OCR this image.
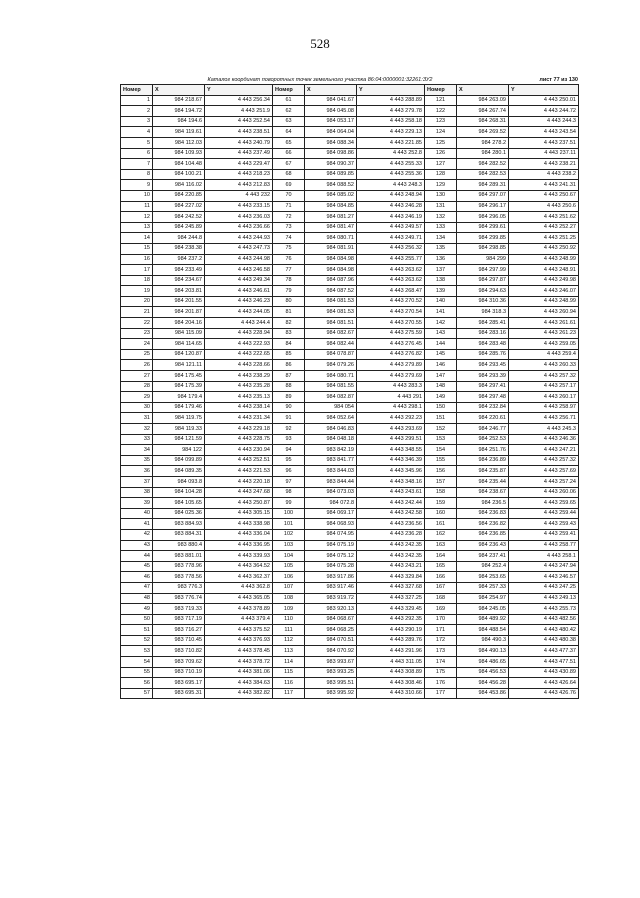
528
Каталог координат поворотных точек земельного участка 86:04:0000001:32261:ЗУ2	лист 77 из 130
Номер	X	Y	Номер	X	Y	Номер	X	Y
1	984 218.67	4 443 256.34	61	984 041.67	4 443 288.89	121	984 263.09	4 443 250.01
2	984 194.72	4 443 251.9	62	984 045.08	4 443 279.78	122	984 267.74	4 443 244.72
3	984 194.6	4 443 252.54	63	984 053.17	4 443 258.18	123	984 268.31	4 443 244.3
4	984 119.61	4 443 238.51	64	984 064.04	4 443 229.13	124	984 269.52	4 443 243.54
5	984 112.03	4 443 240.79	65	984 088.34	4 443 221.85	125	984 278.2	4 443 237.51
6	984 109.93	4 443 237.49	66	984 098.86	4 443 252.8	126	984 280.1	4 443 237.11
7	984 104.48	4 443 229.47	67	984 090.37	4 443 255.33	127	984 282.52	4 443 238.21
8	984 100.21	4 443 218.23	68	984 089.85	4 443 255.36	128	984 282.53	4 443 238.2
9	984 116.02	4 443 212.83	69	984 088.52	4 443 248.3	129	984 289.31	4 443 241.31
10	984 220.85	4 443 232	70	984 085.02	4 443 248.94	130	984 297.07	4 443 250.67
11	984 227.02	4 443 233.15	71	984 084.85	4 443 246.28	131	984 296.17	4 443 250.6
12	984 242.52	4 443 236.03	72	984 081.27	4 443 246.19	132	984 296.05	4 443 251.62
13	984 245.89	4 443 236.66	73	984 081.47	4 443 249.57	133	984 299.61	4 443 252.27
14	984 244.8	4 443 244.93	74	984 080.71	4 443 249.71	134	984 299.85	4 443 251.25
15	984 238.38	4 443 247.73	75	984 081.91	4 443 256.32	135	984 298.85	4 443 250.92
16	984 237.2	4 443 244.98	76	984 084.98	4 443 255.77	136	984 299	4 443 248.99
17	984 233.49	4 443 246.58	77	984 084.98	4 443 263.62	137	984 297.99	4 443 248.91
18	984 234.67	4 443 249.34	78	984 087.96	4 443 263.62	138	984 297.87	4 443 249.98
19	984 203.81	4 443 246.61	79	984 087.52	4 443 268.47	139	984 294.63	4 443 246.07
20	984 201.55	4 443 246.23	80	984 081.53	4 443 270.52	140	984 310.36	4 443 248.99
21	984 201.87	4 443 244.05	81	984 081.53	4 443 270.54	141	984 318.3	4 443 260.94
22	984 204.16	4 443 244.4	82	984 081.51	4 443 270.55	142	984 285.41	4 443 261.61
23	984 115.09	4 443 228.94	83	984 082.67	4 443 275.59	143	984 283.16	4 443 261.23
24	984 114.65	4 443 222.93	84	984 082.44	4 443 276.45	144	984 283.48	4 443 259.05
25	984 120.87	4 443 222.65	85	984 078.87	4 443 276.82	145	984 285.76	4 443 259.4
26	984 121.11	4 443 228.66	86	984 079.26	4 443 279.89	146	984 293.45	4 443 260.33
27	984 175.45	4 443 238.29	87	984 080.71	4 443 279.69	147	984 293.39	4 443 257.32
28	984 175.39	4 443 235.28	88	984 081.55	4 443 283.3	148	984 297.41	4 443 257.17
29	984 179.4	4 443 235.13	89	984 082.87	4 443 291	149	984 297.48	4 443 260.17
30	984 179.46	4 443 238.14	90	984 054	4 443 298.1	150	984 232.84	4 443 258.97
31	984 119.75	4 443 231.34	91	984 052.64	4 443 292.23	151	984 220.61	4 443 256.71
32	984 119.33	4 443 229.18	92	984 046.83	4 443 293.69	152	984 246.77	4 443 245.3
33	984 121.59	4 443 228.75	93	984 048.18	4 443 299.51	153	984 252.53	4 443 246.36
34	984 122	4 443 230.94	94	983 842.19	4 443 348.55	154	984 251.76	4 443 247.21
35	984 099.89	4 443 252.51	95	983 841.77	4 443 346.39	155	984 236.89	4 443 257.32
36	984 089.35	4 443 221.53	96	983 844.03	4 443 345.96	156	984 235.87	4 443 257.69
37	984 093.8	4 443 220.18	97	983 844.44	4 443 348.16	157	984 235.44	4 443 257.24
38	984 104.28	4 443 247.68	98	984 073.03	4 443 243.61	158	984 238.67	4 443 260.06
39	984 105.65	4 443 250.87	99	984 072.8	4 443 242.44	159	984 236.5	4 443 259.65
40	984 025.36	4 443 305.15	100	984 069.17	4 443 242.58	160	984 236.83	4 443 259.44
41	983 884.93	4 443 338.98	101	984 068.93	4 443 236.56	161	984 236.82	4 443 259.43
42	983 884.31	4 443 336.04	102	984 074.95	4 443 236.28	162	984 236.85	4 443 259.41
43	983 880.4	4 443 336.95	103	984 075.19	4 443 242.35	163	984 236.43	4 443 258.77
44	983 881.01	4 443 339.93	104	984 075.12	4 443 242.35	164	984 237.41	4 443 258.1
45	983 778.96	4 443 364.52	105	984 075.28	4 443 243.21	165	984 252.4	4 443 247.94
46	983 778.56	4 443 362.37	106	983 917.86	4 443 329.84	166	984 253.65	4 443 246.57
47	983 776.3	4 443 362.8	107	983 917.46	4 443 327.68	167	984 257.33	4 443 247.25
48	983 776.74	4 443 365.05	108	983 919.72	4 443 327.25	168	984 254.97	4 443 249.13
49	983 719.33	4 443 378.89	109	983 920.13	4 443 329.45	169	984 245.05	4 443 255.73
50	983 717.19	4 443 379.4	110	984 068.67	4 443 292.35	170	984 489.92	4 443 482.56
51	983 716.27	4 443 375.52	111	984 068.25	4 443 290.19	171	984 488.54	4 443 480.42
52	983 710.45	4 443 376.93	112	984 070.51	4 443 289.76	172	984 490.3	4 443 480.38
53	983 710.82	4 443 378.45	113	984 070.92	4 443 291.96	173	984 490.13	4 443 477.37
54	983 709.62	4 443 378.72	114	983 993.67	4 443 311.05	174	984 486.65	4 443 477.51
55	983 710.19	4 443 381.06	115	983 993.25	4 443 308.89	175	984 456.53	4 443 430.89
56	983 695.17	4 443 384.63	116	983 995.51	4 443 308.46	176	984 456.28	4 443 426.64
57	983 695.31	4 443 382.82	117	983 995.92	4 443 310.66	177	984 453.86	4 443 426.76
